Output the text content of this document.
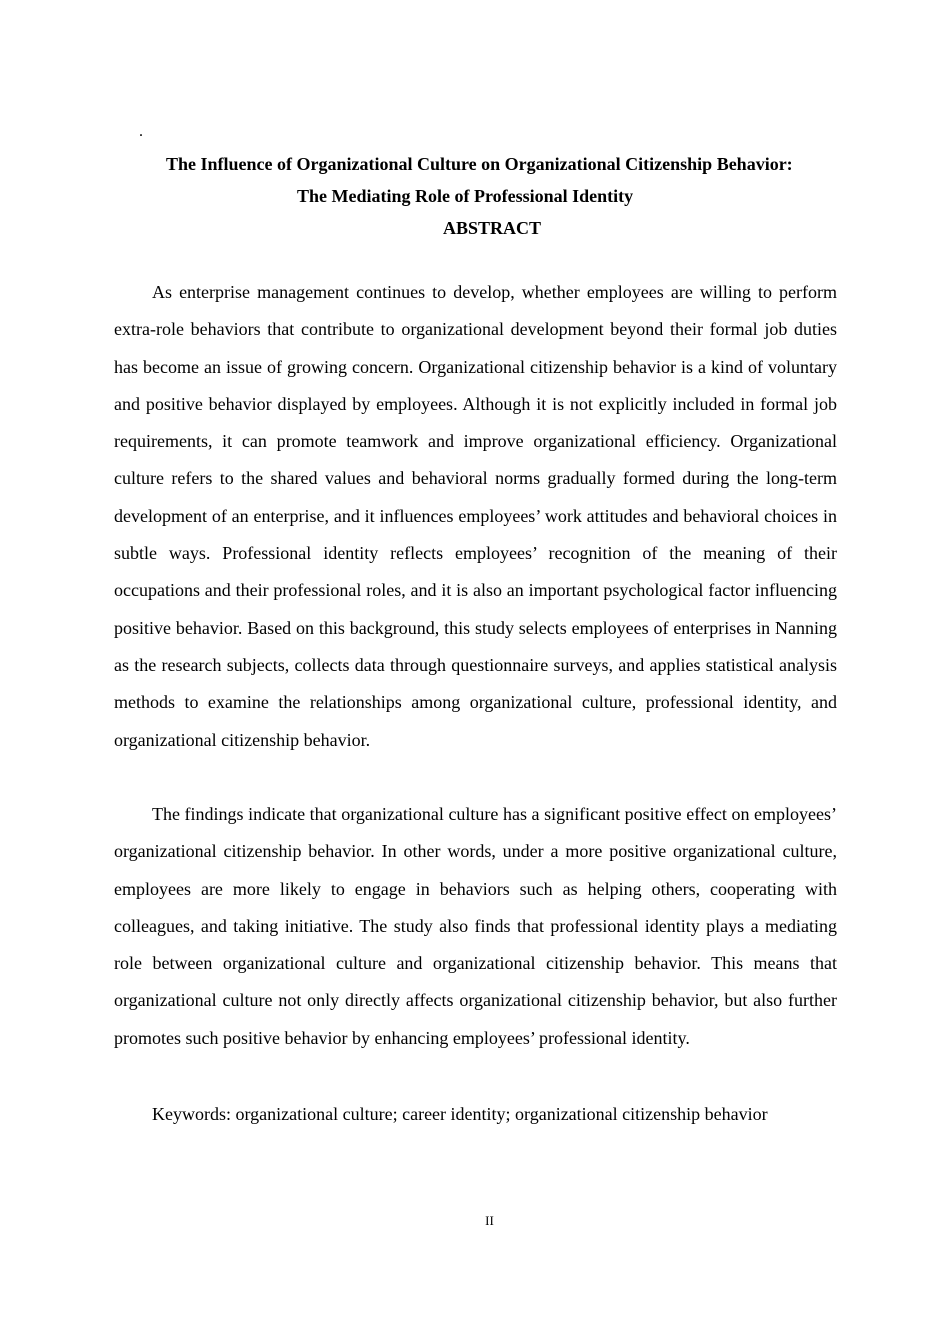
.
The Influence of Organizational Culture on Organizational Citizenship Behavior:
The Mediating Role of Professional Identity
ABSTRACT

As enterprise management continues to develop, whether employees are willing to perform extra-role behaviors that contribute to organizational development beyond their formal job duties has become an issue of growing concern. Organizational citizenship behavior is a kind of voluntary and positive behavior displayed by employees. Although it is not explicitly included in formal job requirements, it can promote teamwork and improve organizational efficiency. Organizational culture refers to the shared values and behavioral norms gradually formed during the long-term development of an enterprise, and it influences employees’ work attitudes and behavioral choices in subtle ways. Professional identity reflects employees’ recognition of the meaning of their occupations and their professional roles, and it is also an important psychological factor influencing positive behavior. Based on this background, this study selects employees of enterprises in Nanning as the research subjects, collects data through questionnaire surveys, and applies statistical analysis methods to examine the relationships among organizational culture, professional identity, and organizational citizenship behavior.

The findings indicate that organizational culture has a significant positive effect on employees’ organizational citizenship behavior. In other words, under a more positive organizational culture, employees are more likely to engage in behaviors such as helping others, cooperating with colleagues, and taking initiative. The study also finds that professional identity plays a mediating role between organizational culture and organizational citizenship behavior. This means that organizational culture not only directly affects organizational citizenship behavior, but also further promotes such positive behavior by enhancing employees’ professional identity.

Keywords: organizational culture; career identity; organizational citizenship behavior
II
